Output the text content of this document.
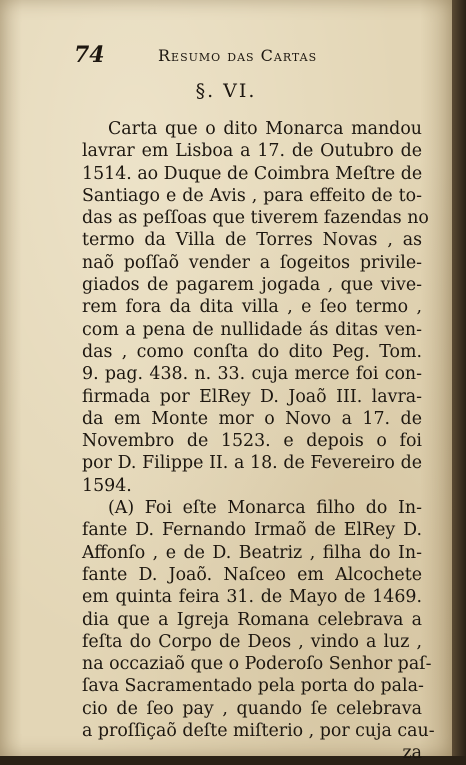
74	Resumo das Cartas
§. VI.
Carta que o dito Monarca mandou
lavrar em Lisboa a 17. de Outubro de
1514. ao Duque de Coimbra Meſtre de
Santiago e de Avis , para effeito de to-
das as peſſoas que tiverem fazendas no
termo da Villa de Torres Novas , as
naõ poſſaõ vender a ſogeitos privile-
giados de pagarem jogada , que vive-
rem fora da dita villa , e ſeo termo ,
com a pena de nullidade ás ditas ven-
das , como conſta do dito Peg. Tom.
9. pag. 438. n. 33. cuja merce foi con-
firmada por ElRey D. Joaõ III. lavra-
da em Monte mor o Novo a 17. de
Novembro de 1523. e depois o foi
por D. Filippe II. a 18. de Fevereiro de
1594.
(A) Foi eſte Monarca filho do In-
fante D. Fernando Irmaõ de ElRey D.
Affonſo , e de D. Beatriz , filha do In-
fante D. Joaõ. Naſceo em Alcochete
em quinta feira 31. de Mayo de 1469.
dia que a Igreja Romana celebrava a
feſta do Corpo de Deos , vindo a luz ,
na occaziaõ que o Poderoſo Senhor paſ-
ſava Sacramentado pela porta do pala-
cio de ſeo pay , quando ſe celebrava
a proſſiçaõ deſte miſterio , por cuja cau-
za
